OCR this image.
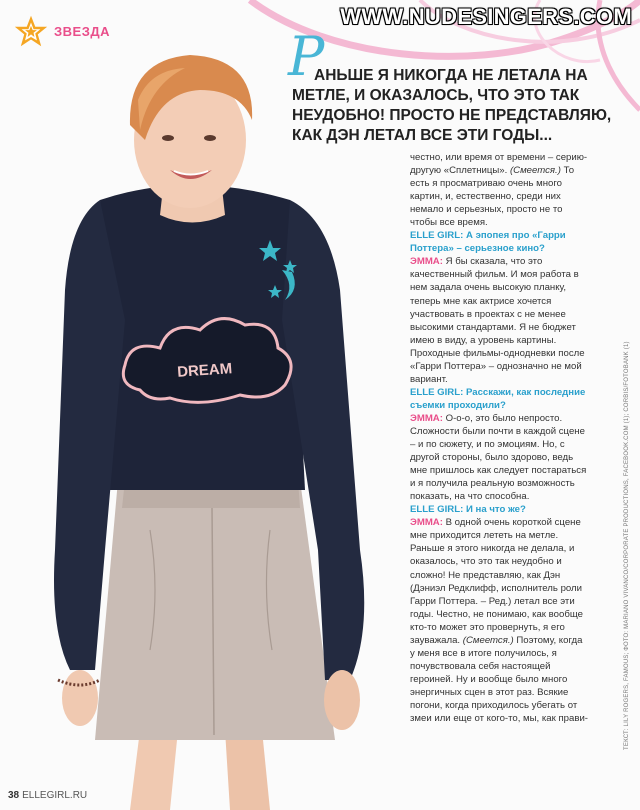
ЗВЕЗДА
WWW.NUDESINGERS.COM
DREAM
Р
АНЬШЕ Я НИКОГДА НЕ ЛЕТАЛА НА МЕТЛЕ, И ОКАЗАЛОСЬ, ЧТО ЭТО ТАК НЕУДОБНО! ПРОСТО НЕ ПРЕДСТАВЛЯЮ, КАК ДЭН ЛЕТАЛ ВСЕ ЭТИ ГОДЫ...

честно, или время от времени – серию-другую «Сплетницы». (Смеется.) То есть я просматриваю очень много картин, и, естественно, среди них немало и серьезных, просто не то чтобы все время.

ELLE GIRL: А эпопея про «Гарри Поттера» – серьезное кино?

ЭММА: Я бы сказала, что это качественный фильм. И моя работа в нем задала очень высокую планку, теперь мне как актрисе хочется участвовать в проектах с не менее высокими стандартами. Я не бюджет имею в виду, а уровень картины. Проходные фильмы-однодневки после «Гарри Поттера» – однозначно не мой вариант.

ELLE GIRL: Расскажи, как последние съемки проходили?

ЭММА: О-о-о, это было непросто. Сложности были почти в каждой сцене – и по сюжету, и по эмоциям. Но, с другой стороны, было здорово, ведь мне пришлось как следует постараться и я получила реальную возможность показать, на что способна.

ELLE GIRL: И на что же?

ЭММА: В одной очень короткой сцене мне приходится лететь на метле. Раньше я этого никогда не делала, и оказалось, что это так неудобно и сложно! Не представляю, как Дэн (Дэниэл Редклифф, исполнитель роли Гарри Поттера. – Ред.) летал все эти годы. Честно, не понимаю, как вообще кто-то может это провернуть, я его зауважала. (Смеется.) Поэтому, когда у меня все в итоге получилось, я почувствовала себя настоящей героиней. Ну и вообще было много энергичных сцен в этот раз. Всякие погони, когда приходилось убегать от змеи или еще от кого-то, мы, как прави-	ТЕКСТ: LILY ROGERS, FAMOUS; ФОТО: MARIANO VIVANCO/CORPORATE PRODUCTIONS, FACEBOOK.COM (1); CORBIS/FOTOBANK (1)
38 ELLEGIRL.RU
